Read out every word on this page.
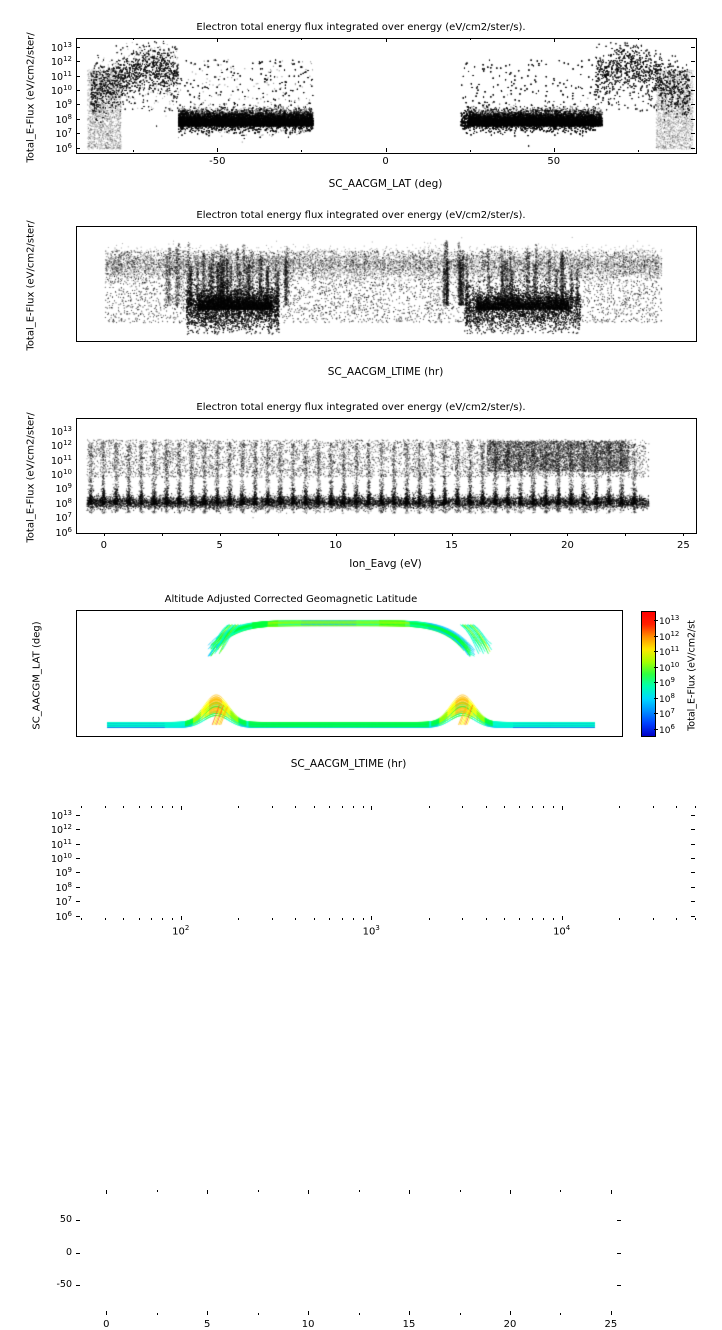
Electron total energy flux integrated over energy (eV/cm2/ster/s).
Total_E-Flux (eV/cm2/ster/
SC_AACGM_LAT (deg)
-50	0	50
$10^6$
$10^7$
$10^8$
$10^9$
$10^{10}$
$10^{11}$
$10^{12}$
$10^{13}$
Electron total energy flux integrated over energy (eV/cm2/ster/s).
Total_E-Flux (eV/cm2/ster/
SC_AACGM_LTIME (hr)
0	5	10	15	20	25
$10^6$
$10^7$
$10^8$
$10^9$
$10^{10}$
$10^{11}$
$10^{12}$
$10^{13}$
Electron total energy flux integrated over energy (eV/cm2/ster/s).
Total_E-Flux (eV/cm2/ster/
Ion_Eavg (eV)
$10^2$	$10^3$	$10^4$
$10^6$
$10^7$
$10^8$
$10^9$
$10^{10}$
$10^{11}$
$10^{12}$
$10^{13}$
Altitude Adjusted Corrected Geomagnetic Latitude
SC_AACGM_LAT (deg)
SC_AACGM_LTIME (hr)
0	5	10	15	20	25
-50
0
50
$10^{13}$
$10^{12}$
$10^{11}$
$10^{10}$
$10^9$
$10^8$
$10^7$
$10^6$ Total_E-Flux (eV/cm2/st
